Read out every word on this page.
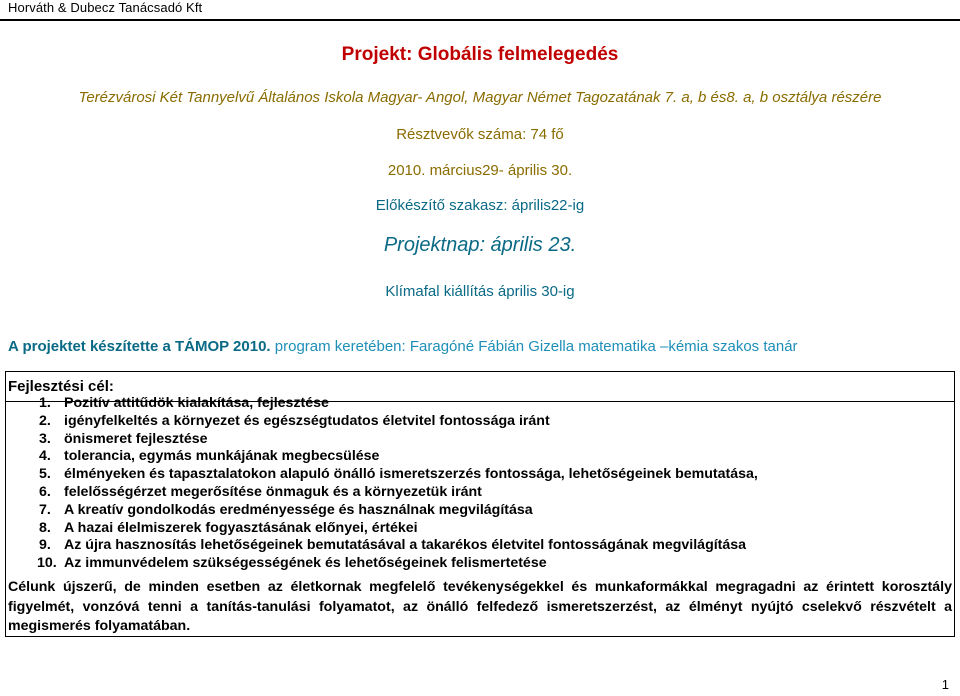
Horváth & Dubecz Tanácsadó Kft
Projekt: Globális felmelegedés
Terézvárosi Két Tannyelvű Általános Iskola Magyar- Angol, Magyar Német Tagozatának 7. a, b és8. a, b osztálya részére
Résztvevők száma: 74 fő
2010. március29- április 30.
Előkészítő szakasz: április22-ig
Projektnap: április 23.
Klímafal kiállítás április 30-ig
A projektet készítette a TÁMOP 2010. program keretében: Faragóné Fábián Gizella matematika –kémia szakos tanár
Fejlesztési cél:
1. Pozitív attitűdök kialakítása, fejlesztése
2. igényfelkeltés a környezet és egészségtudatos életvitel fontossága iránt
3. önismeret fejlesztése
4. tolerancia, egymás munkájának megbecsülése
5. élményeken és tapasztalatokon alapuló önálló ismeretszerzés fontossága, lehetőségeinek bemutatása,
6. felelősségérzet megerősítése önmaguk és a környezetük iránt
7. A kreatív gondolkodás eredményessége és használnak megvilágítása
8. A hazai élelmiszerek fogyasztásának előnyei, értékei
9. Az újra hasznosítás lehetőségeinek bemutatásával a takarékos életvitel fontosságának megvilágítása
10. Az immunvédelem szükségességének és lehetőségeinek felismertetése
Célunk újszerű, de minden esetben az életkornak megfelelő tevékenységekkel és munkaformákkal megragadni az érintett korosztály figyelmét, vonzóvá tenni a tanítás-tanulási folyamatot, az önálló felfedező ismeretszerzést, az élményt nyújtó cselekvő részvételt a megismerés folyamatában.
1
